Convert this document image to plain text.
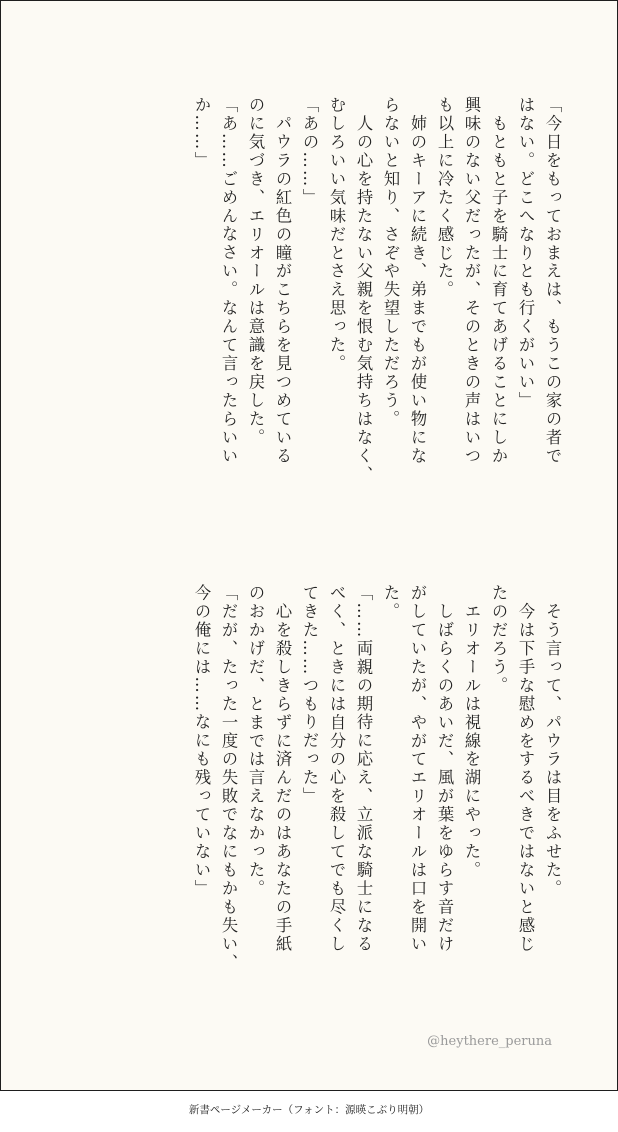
「今日をもっておまえは、もうこの家の者で
はない。どこへなりとも行くがいい」
　もともと子を騎士に育てあげることにしか
興味のない父だったが、そのときの声はいつ
も以上に冷たく感じた。
　姉のキーアに続き、弟までもが使い物にな
らないと知り、さぞや失望しただろう。
　人の心を持たない父親を恨む気持ちはなく、
むしろいい気味だとさえ思った。
「あの……」
　パウラの紅色の瞳がこちらを見つめている
のに気づき、エリオールは意識を戻した。
「あ……ごめんなさい。なんて言ったらいい
か……」
　そう言って、パウラは目をふせた。
　今は下手な慰めをするべきではないと感じ
たのだろう。
　エリオールは視線を湖にやった。
　しばらくのあいだ、風が葉をゆらす音だけ
がしていたが、やがてエリオールは口を開い
た。
「……両親の期待に応え、立派な騎士になる
べく、ときには自分の心を殺してでも尽くし
てきた……つもりだった」
　心を殺しきらずに済んだのはあなたの手紙
のおかげだ、とまでは言えなかった。
「だが、たった一度の失敗でなにもかも失い、
今の俺には……なにも残っていない」
@heythere_peruna
新書ページメーカー（フォント：源暎こぶり明朝）
